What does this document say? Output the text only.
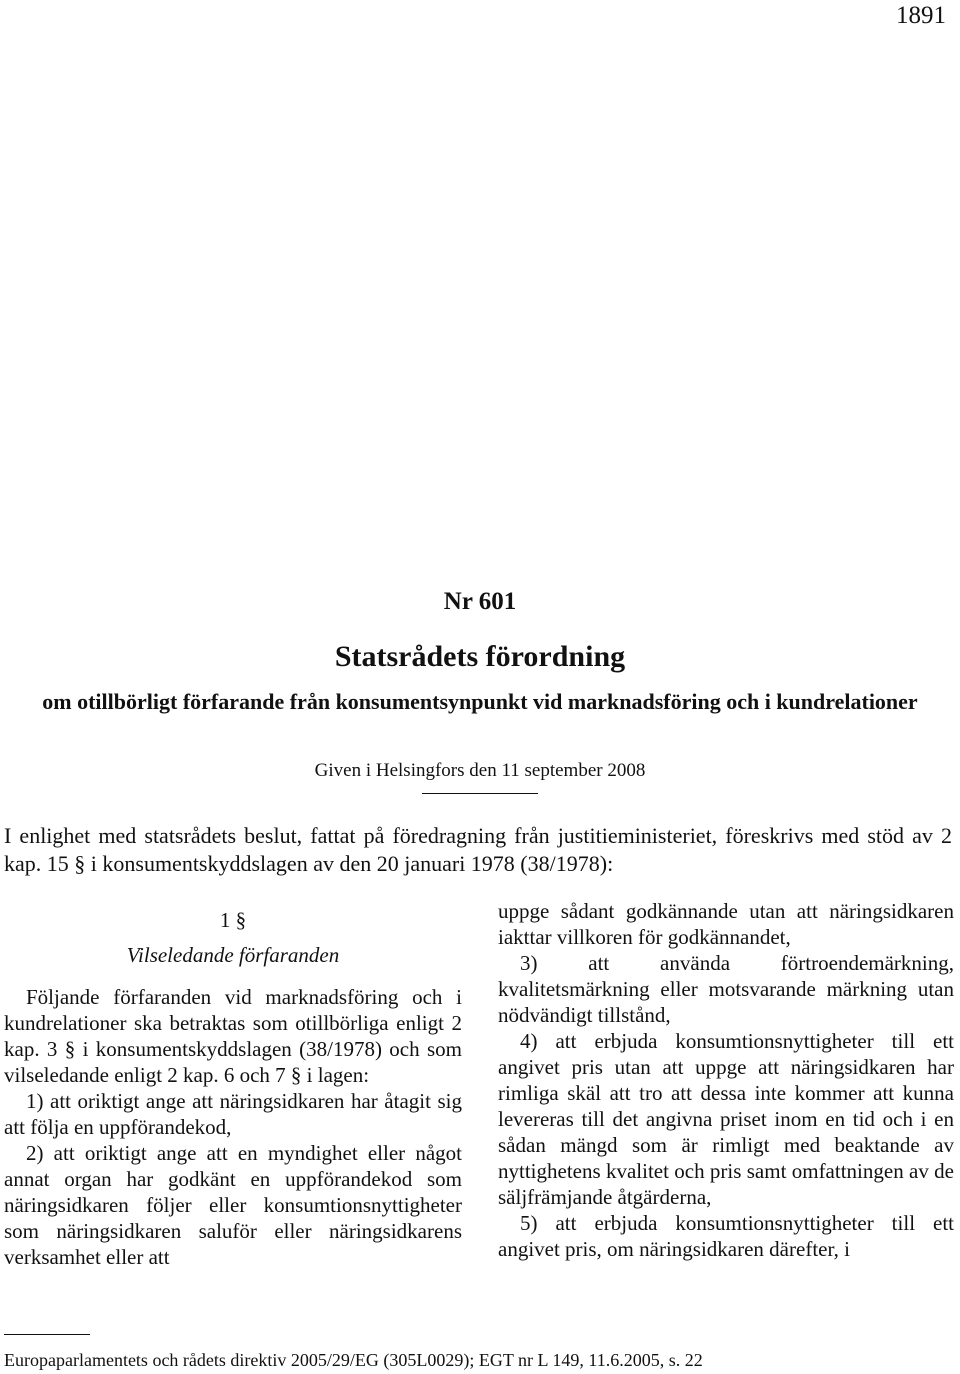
1891
Nr 601
Statsrådets förordning
om otillbörligt förfarande från konsumentsynpunkt vid marknadsföring och i kundrelationer
Given i Helsingfors den 11 september 2008
I enlighet med statsrådets beslut, fattat på föredragning från justitieministeriet, föreskrivs med stöd av 2 kap. 15 § i konsumentskyddslagen av den 20 januari 1978 (38/1978):
1 §
Vilseledande förfaranden

Följande förfaranden vid marknadsföring och i kundrelationer ska betraktas som otillbörliga enligt 2 kap. 3 § i konsumentskyddslagen (38/1978) och som vilseledande enligt 2 kap. 6 och 7 § i lagen:

1) att oriktigt ange att näringsidkaren har åtagit sig att följa en uppförandekod,

2) att oriktigt ange att en myndighet eller något annat organ har godkänt en uppförandekod som näringsidkaren följer eller konsumtionsnyttigheter som näringsidkaren saluför eller näringsidkarens verksamhet eller att

uppge sådant godkännande utan att näringsidkaren iakttar villkoren för godkännandet,

3) att använda förtroendemärkning, kvalitetsmärkning eller motsvarande märkning utan nödvändigt tillstånd,

4) att erbjuda konsumtionsnyttigheter till ett angivet pris utan att uppge att näringsidkaren har rimliga skäl att tro att dessa inte kommer att kunna levereras till det angivna priset inom en tid och i en sådan mängd som är rimligt med beaktande av nyttighetens kvalitet och pris samt omfattningen av de säljfrämjande åtgärderna,

5) att erbjuda konsumtionsnyttigheter till ett angivet pris, om näringsidkaren därefter, i

Europaparlamentets och rådets direktiv 2005/29/EG (305L0029); EGT nr L 149, 11.6.2005, s. 22
